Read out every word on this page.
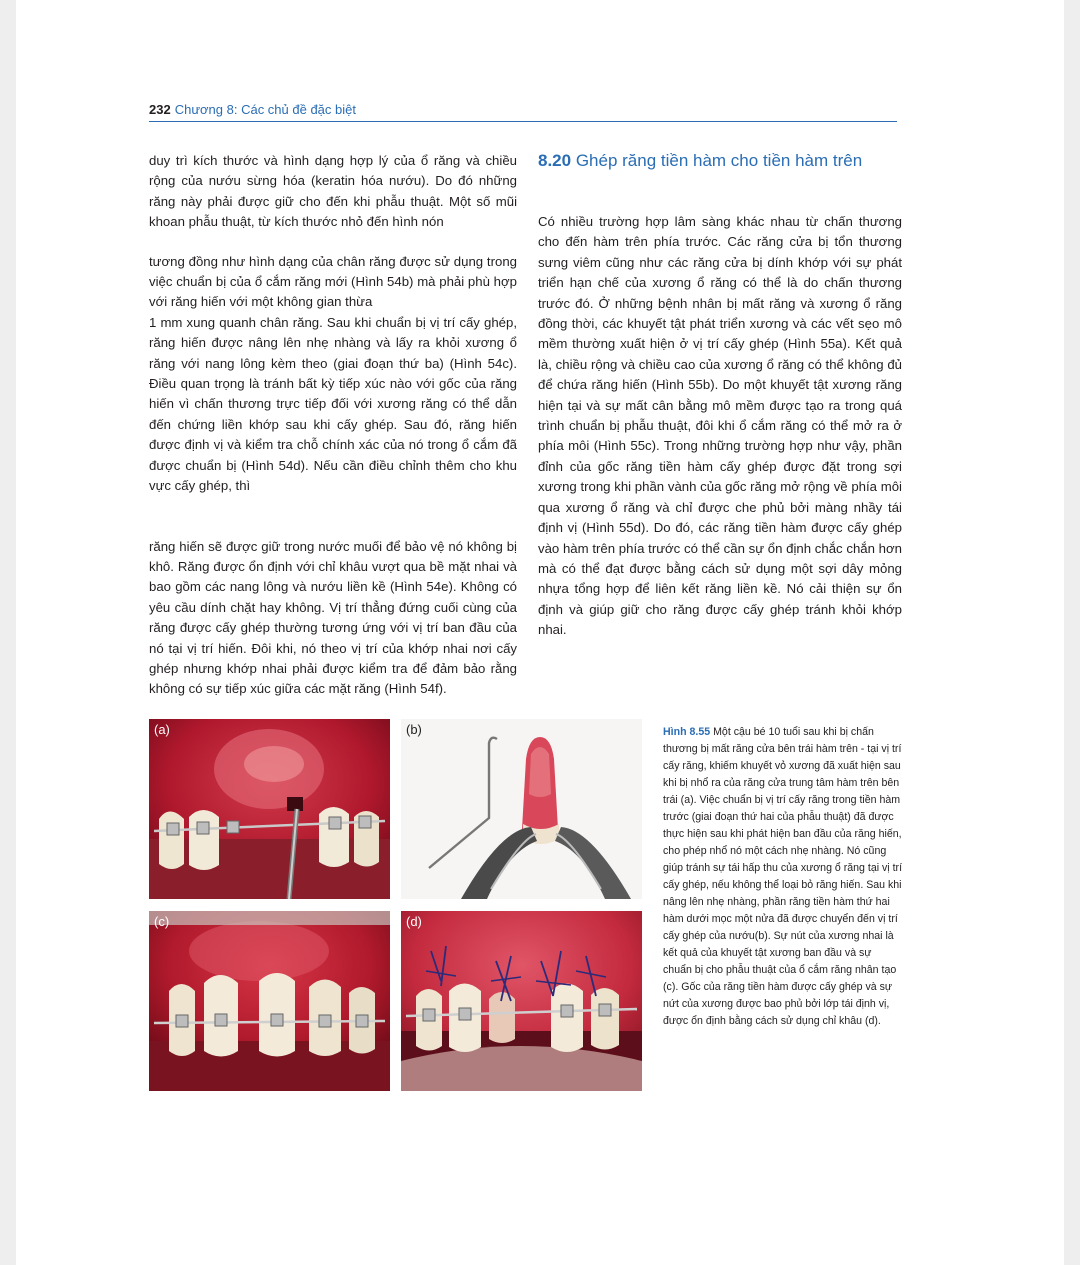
232 Chương 8: Các chủ đề đặc biệt

duy trì kích thước và hình dạng hợp lý của ổ răng và chiều rộng của nướu sừng hóa (keratin hóa nướu). Do đó những răng này phải được giữ cho đến khi phẫu thuật. Một số mũi khoan phẫu thuật, từ kích thước nhỏ đến hình nón

tương đồng như hình dạng của chân răng được sử dụng trong việc chuẩn bị của ổ cắm răng mới (Hình 54b) mà phải phù hợp với răng hiến với một không gian thừa

1 mm xung quanh chân răng. Sau khi chuẩn bị vị trí cấy ghép, răng hiến được nâng lên nhẹ nhàng và lấy ra khỏi xương ổ răng với nang lông kèm theo (giai đoạn thứ ba) (Hình 54c). Điều quan trọng là tránh bất kỳ tiếp xúc nào với gốc của răng hiến vì chấn thương trực tiếp đối với xương răng có thể dẫn đến chứng liền khớp sau khi cấy ghép. Sau đó, răng hiến được định vị và kiểm tra chỗ chính xác của nó trong ổ cắm đã được chuẩn bị (Hình 54d). Nếu cần điều chỉnh thêm cho khu vực cấy ghép, thì

răng hiến sẽ được giữ trong nước muối để bảo vệ nó không bị khô. Răng được ổn định với chỉ khâu vượt qua bề mặt nhai và bao gồm các nang lông và nướu liền kề (Hình 54e). Không có yêu cầu dính chặt hay không. Vị trí thẳng đứng cuối cùng của răng được cấy ghép thường tương ứng với vị trí ban đầu của nó tại vị trí hiến. Đôi khi, nó theo vị trí của khớp nhai nơi cấy ghép nhưng khớp nhai phải được kiểm tra để đảm bảo rằng không có sự tiếp xúc giữa các mặt răng (Hình 54f).

8.20 Ghép răng tiền hàm cho tiền hàm trên

Có nhiều trường hợp lâm sàng khác nhau từ chấn thương cho đến hàm trên phía trước. Các răng cửa bị tổn thương sưng viêm cũng như các răng cửa bị dính khớp với sự phát triển hạn chế của xương ổ răng có thể là do chấn thương trước đó. Ở những bệnh nhân bị mất răng và xương ổ răng đồng thời, các khuyết tật phát triển xương và các vết sẹo mô mềm thường xuất hiện ở vị trí cấy ghép (Hình 55a). Kết quả là, chiều rộng và chiều cao của xương ổ răng có thể không đủ để chứa răng hiến (Hình 55b). Do một khuyết tật xương răng hiện tại và sự mất cân bằng mô mềm được tạo ra trong quá trình chuẩn bị phẫu thuật, đôi khi ổ cắm răng có thể mở ra ở phía môi (Hình 55c). Trong những trường hợp như vậy, phần đỉnh của gốc răng tiền hàm cấy ghép được đặt trong sợi xương trong khi phần vành của gốc răng mở rộng về phía môi qua xương ổ răng và chỉ được che phủ bởi màng nhầy tái định vị (Hình 55d). Do đó, các răng tiền hàm được cấy ghép vào hàm trên phía trước có thể cần sự ổn định chắc chắn hơn mà có thể đạt được bằng cách sử dụng một sợi dây mỏng nhựa tổng hợp để liên kết răng liền kề. Nó cải thiện sự ổn định và giúp giữ cho răng được cấy ghép tránh khỏi khớp nhai.

(a)	(b)
(c)	(d)
Hình 8.55 Một cậu bé 10 tuổi sau khi bị chấn thương bị mất răng cửa bên trái hàm trên - tại vị trí cấy răng, khiếm khuyết vỏ xương đã xuất hiện sau khi bị nhổ ra của răng cửa trung tâm hàm trên bên trái (a). Việc chuẩn bị vị trí cấy răng trong tiền hàm trước (giai đoạn thứ hai của phẫu thuật) đã được thực hiện sau khi phát hiện ban đầu của răng hiến, cho phép nhổ nó một cách nhẹ nhàng. Nó cũng giúp tránh sự tái hấp thu của xương ổ răng tại vị trí cấy ghép, nếu không thể loại bỏ răng hiến. Sau khi nâng lên nhẹ nhàng, phần răng tiền hàm thứ hai hàm dưới mọc một nửa đã được chuyển đến vị trí cấy ghép của nướu(b). Sự nút của xương nhai là kết quả của khuyết tật xương ban đầu và sự chuẩn bị cho phẫu thuật của ổ cắm răng nhân tạo (c). Gốc của răng tiền hàm được cấy ghép và sự nứt của xương được bao phủ bởi lớp tái định vị, được ổn định bằng cách sử dụng chỉ khâu (d).
